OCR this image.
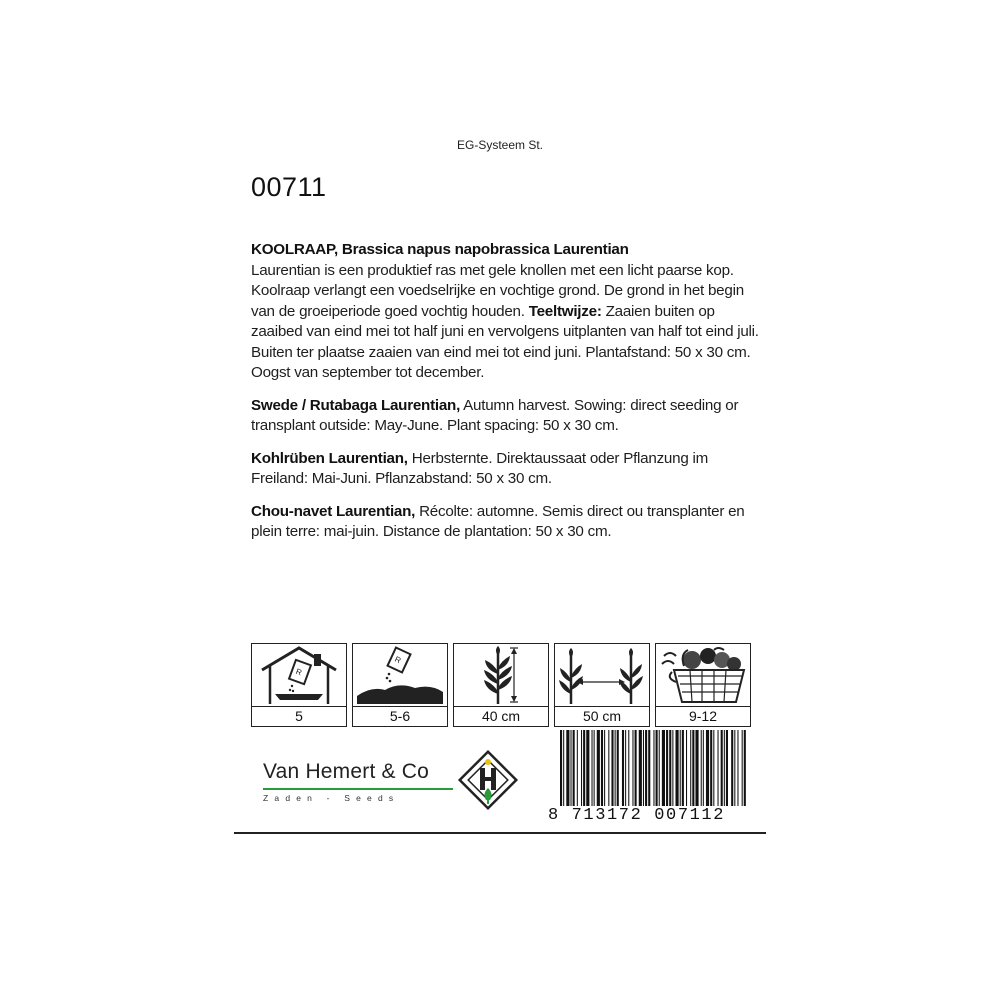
EG-Systeem St.
00711

KOOLRAAP, Brassica napus napobrassica Laurentian

Laurentian is een produktief ras met gele knollen met een licht paarse kop. Koolraap verlangt een voedselrijke en vochtige grond. De grond in het begin van de groeiperiode goed vochtig houden. Teeltwijze: Zaaien buiten op zaaibed van eind mei tot half juni en vervolgens uitplanten van half tot eind juli. Buiten ter plaatse zaaien van eind mei tot eind juni. Plantafstand: 50 x 30 cm. Oogst van september tot december.

Swede / Rutabaga Laurentian, Autumn harvest. Sowing: direct seeding or transplant outside: May-June. Plant spacing: 50 x 30 cm.

Kohlrüben Laurentian, Herbsternte. Direktaussaat oder Pflanzung im Freiland: Mai-Juni. Pflanzabstand: 50 x 30 cm.

Chou-navet Laurentian, Récolte: automne. Semis direct ou transplanter en plein terre: mai-juin. Distance de plantation: 50 x 30 cm.

R
5
R
5-6	40 cm	50 cm	9-12
Van Hemert & Co
Zaden - Seeds
8 713172 007112
